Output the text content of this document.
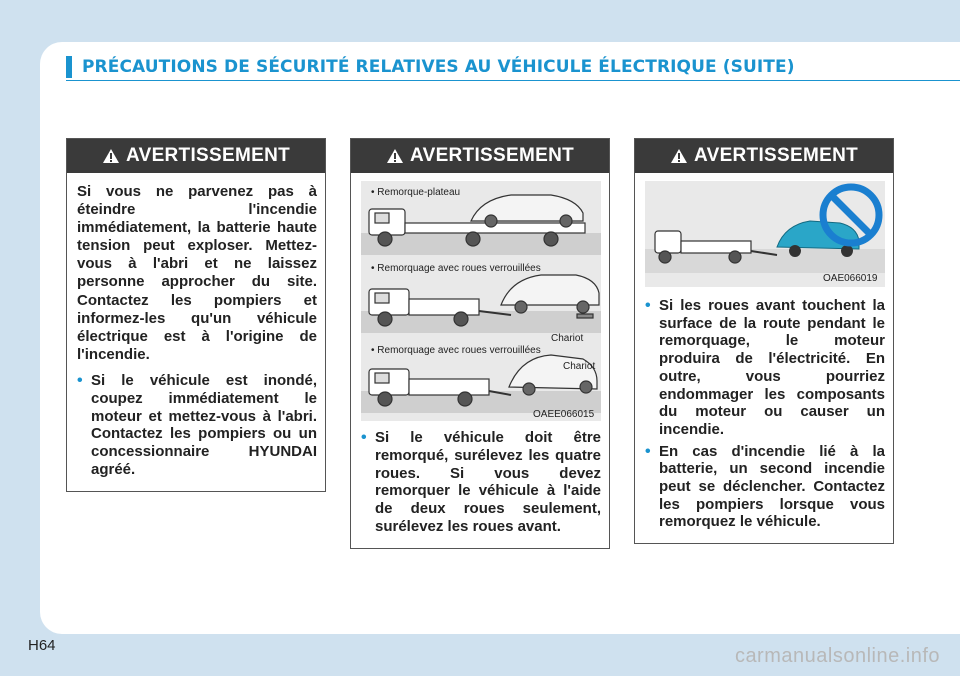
PRÉCAUTIONS DE SÉCURITÉ RELATIVES AU VÉHICULE ÉLECTRIQUE (SUITE)
AVERTISSEMENT

Si vous ne parvenez pas à éteindre l'incendie immédiatement, la batterie haute tension peut exploser. Mettez-vous à l'abri et ne laissez personne approcher du site. Contactez les pompiers et informez-les qu'un véhicule électrique est à l'origine de l'incendie.

• Si le véhicule est inondé, coupez immédiatement le moteur et mettez-vous à l'abri. Contactez les pompiers ou un concessionnaire HYUNDAI agréé.

AVERTISSEMENT
• Remorque-plateau
• Remorquage avec roues verrouillées
Chariot
• Remorquage avec roues verrouillées
Chariot
OAEE066015

• Si le véhicule doit être remorqué, surélevez les quatre roues. Si vous devez remorquer le véhicule à l'aide de deux roues seulement, surélevez les roues avant.

AVERTISSEMENT
OAE066019

• Si les roues avant touchent la surface de la route pendant le remorquage, le moteur produira de l'électricité. En outre, vous pourriez endommager les composants du moteur ou causer un incendie.

• En cas d'incendie lié à la batterie, un second incendie peut se déclencher. Contactez les pompiers lorsque vous remorquez le véhicule.

H64	carmanualsonline.info
